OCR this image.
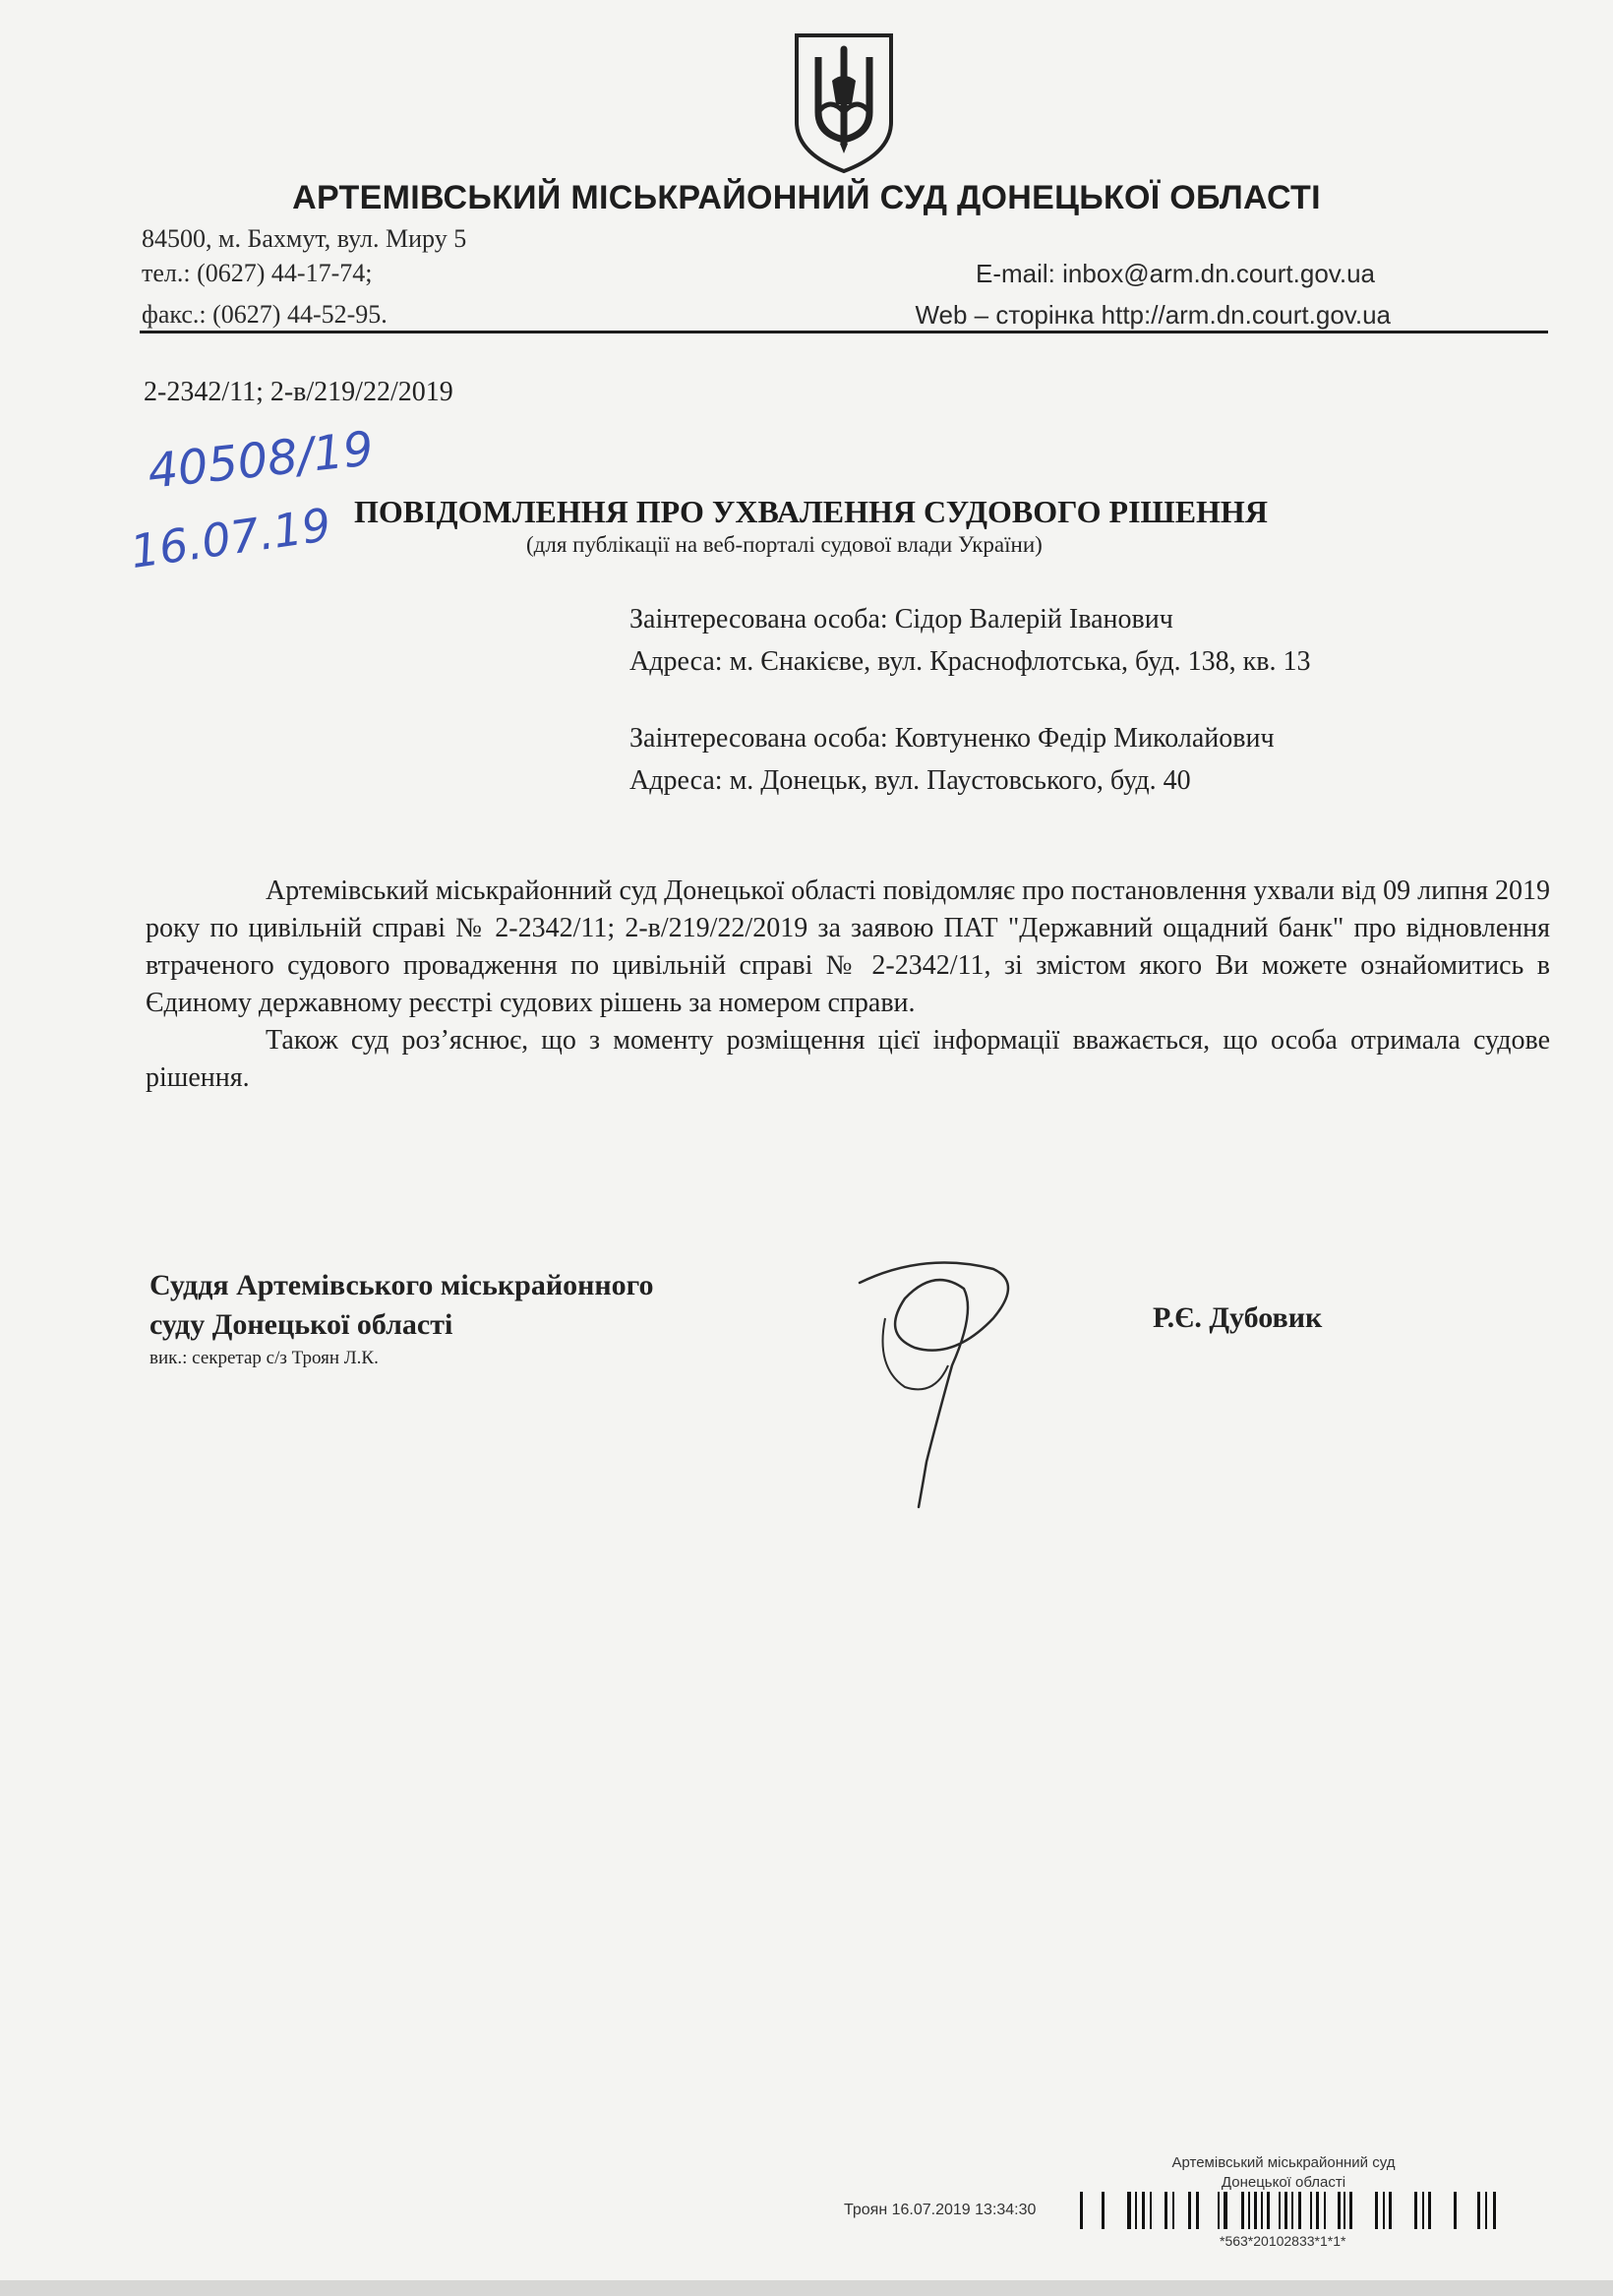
АРТЕМІВСЬКИЙ МІСЬКРАЙОННИЙ СУД ДОНЕЦЬКОЇ ОБЛАСТІ
84500, м. Бахмут, вул. Миру 5
тел.: (0627) 44-17-74;
факс.: (0627) 44-52-95.
E-mail: inbox@arm.dn.court.gov.ua
Web – сторінка http://arm.dn.court.gov.ua
2-2342/11; 2-в/219/22/2019
40508/19
16.07.19 ПОВІДОМЛЕННЯ ПРО УХВАЛЕННЯ СУДОВОГО РІШЕННЯ
(для публікації на веб-порталі судової влади України)
Заінтересована особа: Сідор Валерій Іванович
Адреса: м. Єнакієве, вул. Краснофлотська, буд. 138, кв. 13
Заінтересована особа: Ковтуненко Федір Миколайович
Адреса: м. Донецьк, вул. Паустовського, буд. 40

Артемівський міськрайонний суд Донецької області повідомляє про постановлення ухвали від 09 липня 2019 року по цивільній справі № 2-2342/11; 2-в/219/22/2019 за заявою ПАТ "Державний ощадний банк" про відновлення втраченого судового провадження по цивільній справі № 2-2342/11, зі змістом якого Ви можете ознайомитись в Єдиному державному реєстрі судових рішень за номером справи.

Також суд роз’яснює, що з моменту розміщення цієї інформації вважається, що особа отримала судове рішення.

Суддя Артемівського міськрайонного
суду Донецької області
вик.: секретар с/з Троян Л.К.
Р.Є. Дубовик
Артемівський міськрайонний суд
Донецької області
Троян 16.07.2019 13:34:30
*563*20102833*1*1*
